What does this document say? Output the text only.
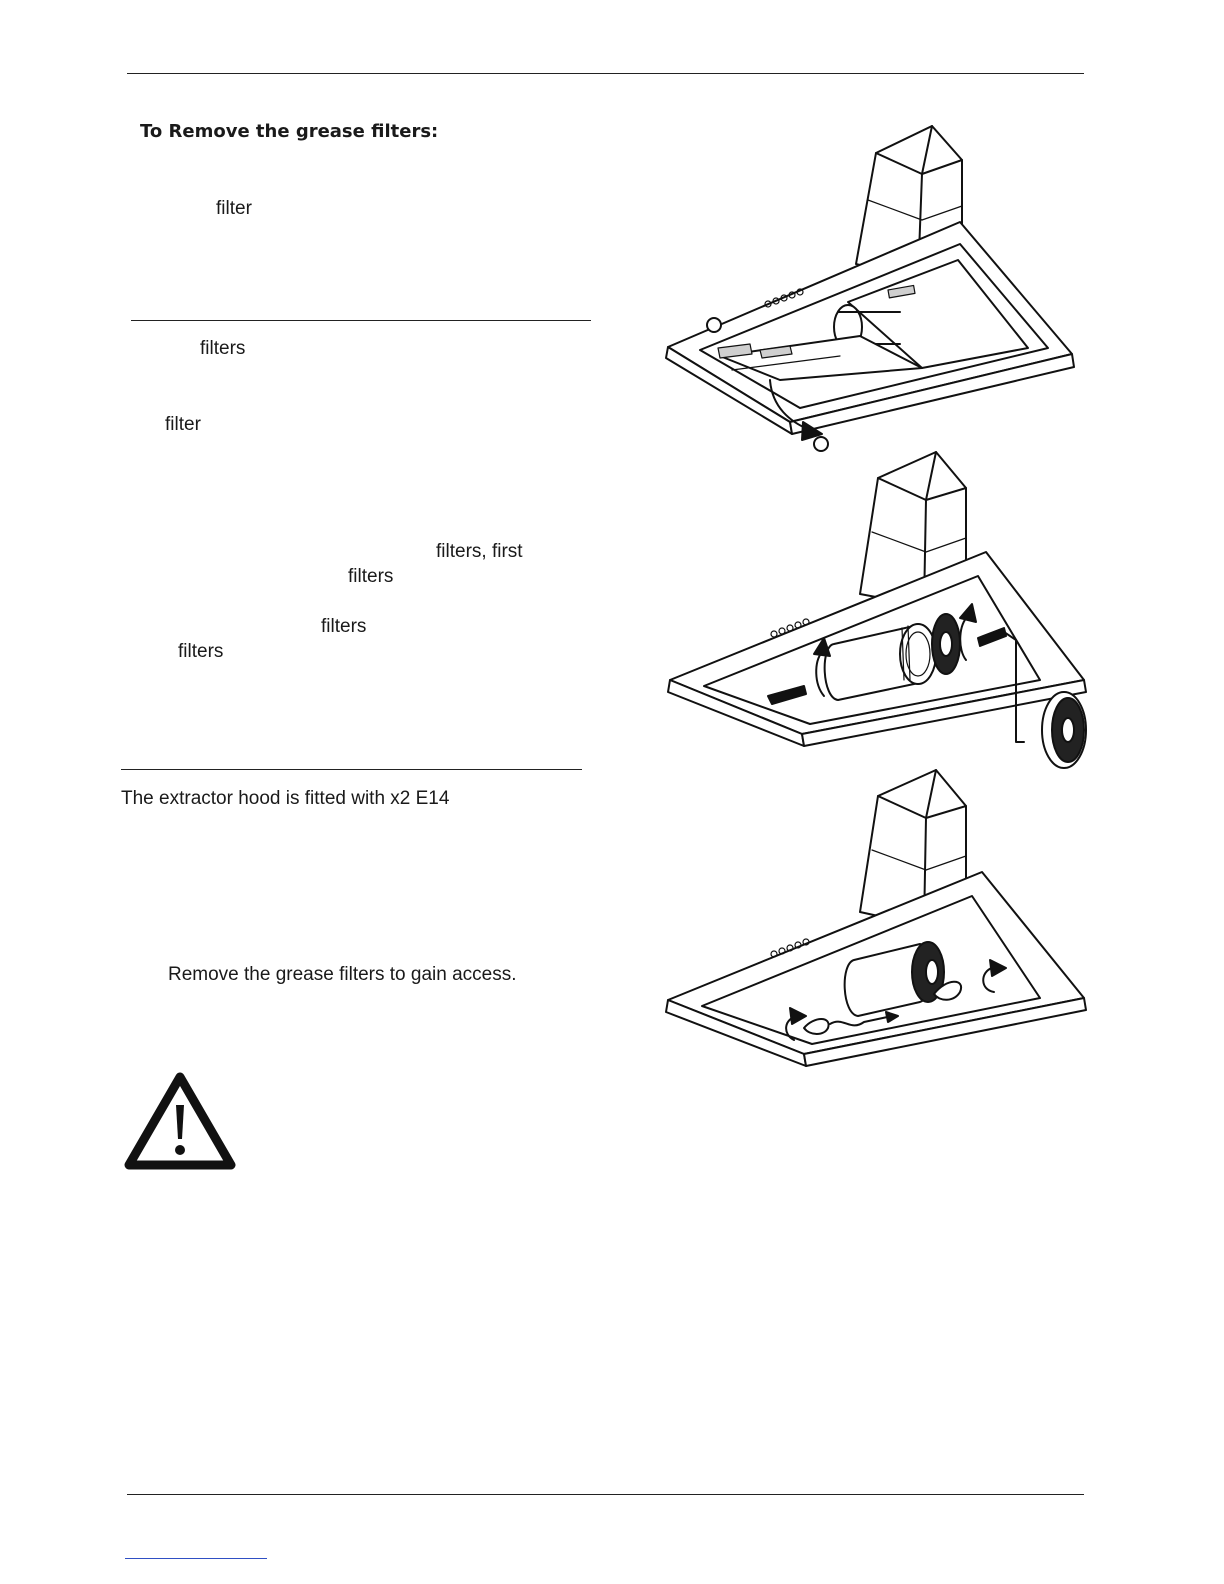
To Remove the grease filters:
filter
filters
filter
filters, first
filters
filters
filters
The extractor hood is fitted with x2 E14
Remove the grease filters to gain access.
